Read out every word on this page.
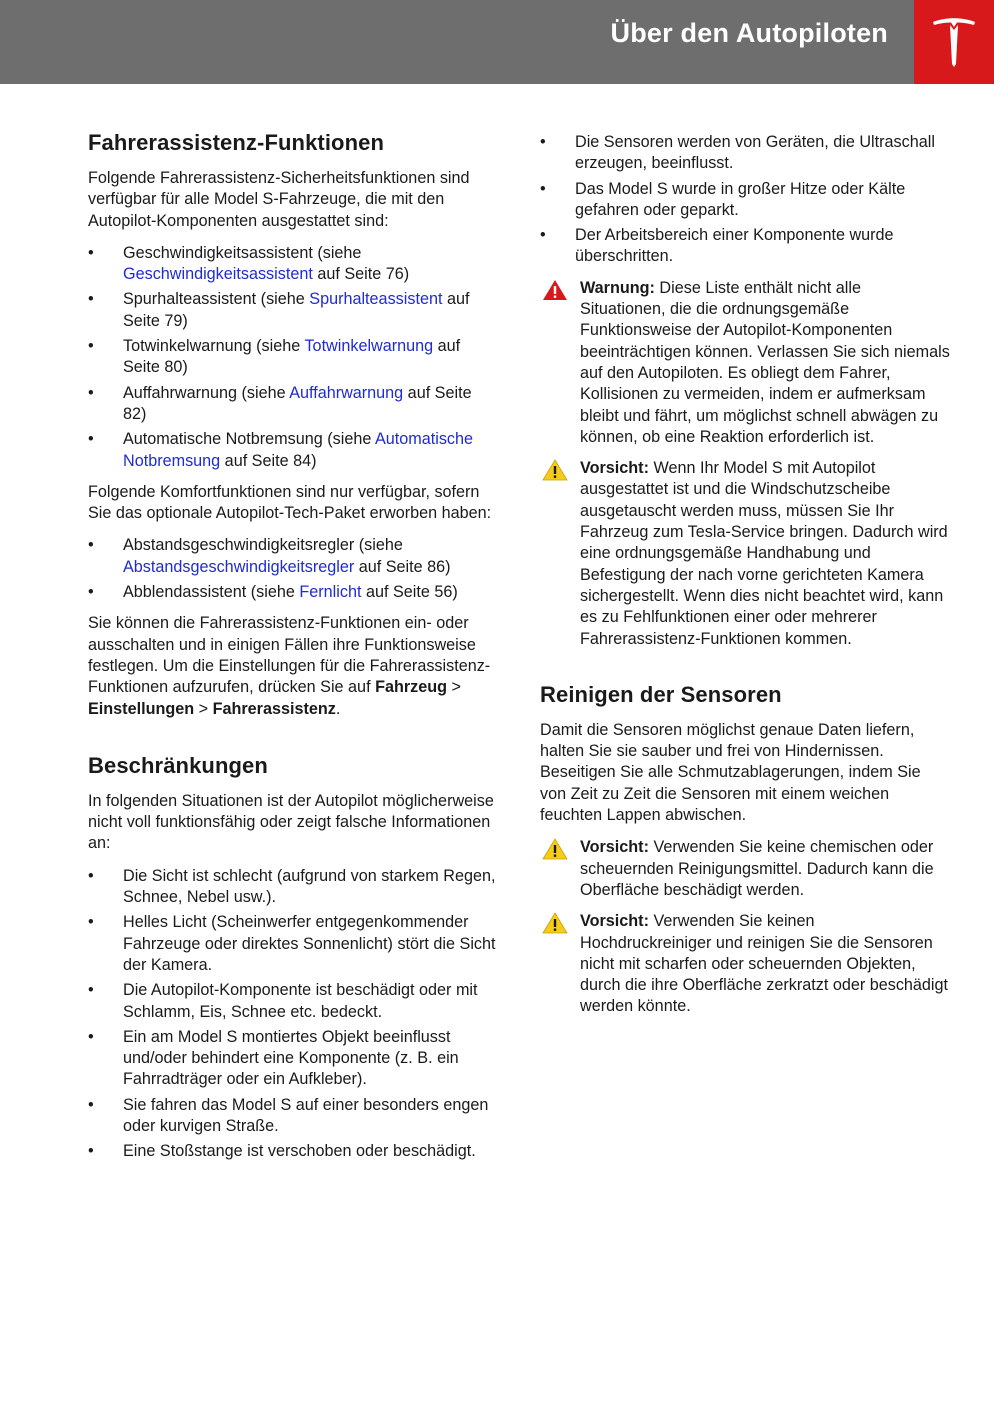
Über den Autopiloten
Fahrerassistenz-Funktionen

Folgende Fahrerassistenz-Sicherheitsfunktionen sind verfügbar für alle Model S-Fahrzeuge, die mit den Autopilot-Komponenten ausgestattet sind:

• Geschwindigkeitsassistent (siehe Geschwindigkeitsassistent auf Seite 76)
• Spurhalteassistent (siehe Spurhalteassistent auf Seite 79)
• Totwinkelwarnung (siehe Totwinkelwarnung auf Seite 80)
• Auffahrwarnung (siehe Auffahrwarnung auf Seite 82)
• Automatische Notbremsung (siehe Automatische Notbremsung auf Seite 84)

Folgende Komfortfunktionen sind nur verfügbar, sofern Sie das optionale Autopilot-Tech-Paket erworben haben:

• Abstandsgeschwindigkeitsregler (siehe Abstandsgeschwindigkeitsregler auf Seite 86)
• Abblendassistent (siehe Fernlicht auf Seite 56)

Sie können die Fahrerassistenz-Funktionen ein- oder ausschalten und in einigen Fällen ihre Funktionsweise festlegen. Um die Einstellungen für die Fahrerassistenz-Funktionen aufzurufen, drücken Sie auf Fahrzeug > Einstellungen > Fahrerassistenz.

Beschränkungen

In folgenden Situationen ist der Autopilot möglicherweise nicht voll funktionsfähig oder zeigt falsche Informationen an:

• Die Sicht ist schlecht (aufgrund von starkem Regen, Schnee, Nebel usw.).
• Helles Licht (Scheinwerfer entgegenkommender Fahrzeuge oder direktes Sonnenlicht) stört die Sicht der Kamera.
• Die Autopilot-Komponente ist beschädigt oder mit Schlamm, Eis, Schnee etc. bedeckt.
• Ein am Model S montiertes Objekt beeinflusst und/oder behindert eine Komponente (z. B. ein Fahrradträger oder ein Aufkleber).
• Sie fahren das Model S auf einer besonders engen oder kurvigen Straße.
• Eine Stoßstange ist verschoben oder beschädigt.
• Die Sensoren werden von Geräten, die Ultraschall erzeugen, beeinflusst.
• Das Model S wurde in großer Hitze oder Kälte gefahren oder geparkt.
• Der Arbeitsbereich einer Komponente wurde überschritten.
Warnung: Diese Liste enthält nicht alle Situationen, die die ordnungsgemäße Funktionsweise der Autopilot-Komponenten beeinträchtigen können. Verlassen Sie sich niemals auf den Autopiloten. Es obliegt dem Fahrer, Kollisionen zu vermeiden, indem er aufmerksam bleibt und fährt, um möglichst schnell abwägen zu können, ob eine Reaktion erforderlich ist.
Vorsicht: Wenn Ihr Model S mit Autopilot ausgestattet ist und die Windschutzscheibe ausgetauscht werden muss, müssen Sie Ihr Fahrzeug zum Tesla-Service bringen. Dadurch wird eine ordnungsgemäße Handhabung und Befestigung der nach vorne gerichteten Kamera sichergestellt. Wenn dies nicht beachtet wird, kann es zu Fehlfunktionen einer oder mehrerer Fahrerassistenz-Funktionen kommen.
Reinigen der Sensoren

Damit die Sensoren möglichst genaue Daten liefern, halten Sie sie sauber und frei von Hindernissen. Beseitigen Sie alle Schmutzablagerungen, indem Sie von Zeit zu Zeit die Sensoren mit einem weichen feuchten Lappen abwischen.

Vorsicht: Verwenden Sie keine chemischen oder scheuernden Reinigungsmittel. Dadurch kann die Oberfläche beschädigt werden.
Vorsicht: Verwenden Sie keinen Hochdruckreiniger und reinigen Sie die Sensoren nicht mit scharfen oder scheuernden Objekten, durch die ihre Oberfläche zerkratzt oder beschädigt werden könnte.
